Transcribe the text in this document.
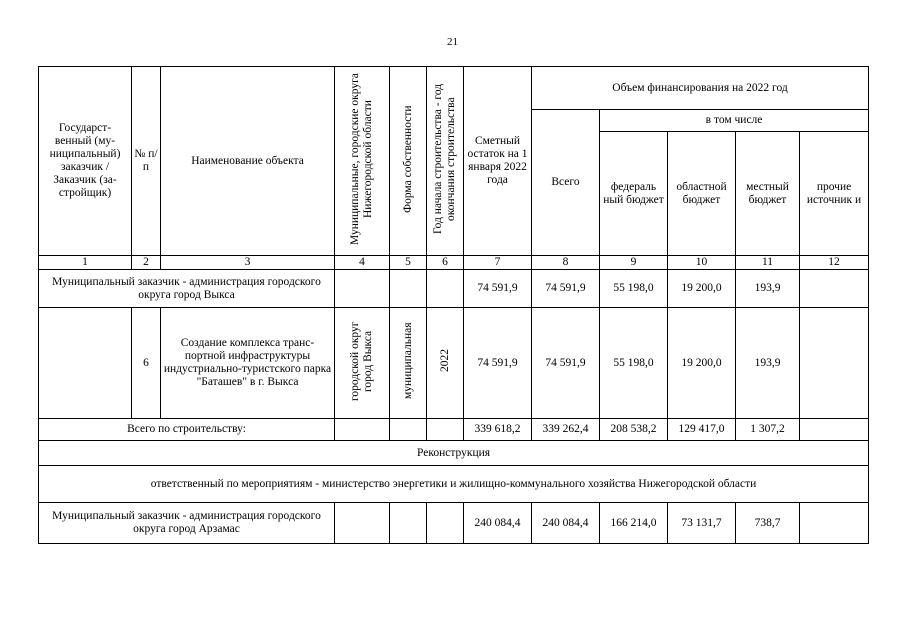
21
Государст-венный (му-ниципальный) заказчик / Заказчик (за-стройщик)	№ п/п	Наименование объекта	Муниципальные, городские округа Нижегородской области	Форма собственности	Год начала строительства - год окончания строительства	Сметный остаток на 1 января 2022 года	Объем финансирования на 2022 год				
							Всего	в том числе			
								федераль ный бюджет	областной бюджет	местный бюджет	прочие источник и
1	2	3	4	5	6	7	8	9	10	11	12
Муниципальный заказчик - администрация городского округа город Выкса						74 591,9	74 591,9	55 198,0	19 200,0	193,9	
	6	Создание комплекса транс-портной инфраструктуры индустриально-туристского парка "Баташев" в г. Выкса	городской округ город Выкса	муниципальная	2022	74 591,9	74 591,9	55 198,0	19 200,0	193,9	
Всего по строительству:						339 618,2	339 262,4	208 538,2	129 417,0	1 307,2	
Реконструкция											
ответственный по мероприятиям - министерство энергетики и жилищно-коммунального хозяйства Нижегородской области											
Муниципальный заказчик - администрация городского округа город Арзамас						240 084,4	240 084,4	166 214,0	73 131,7	738,7	
